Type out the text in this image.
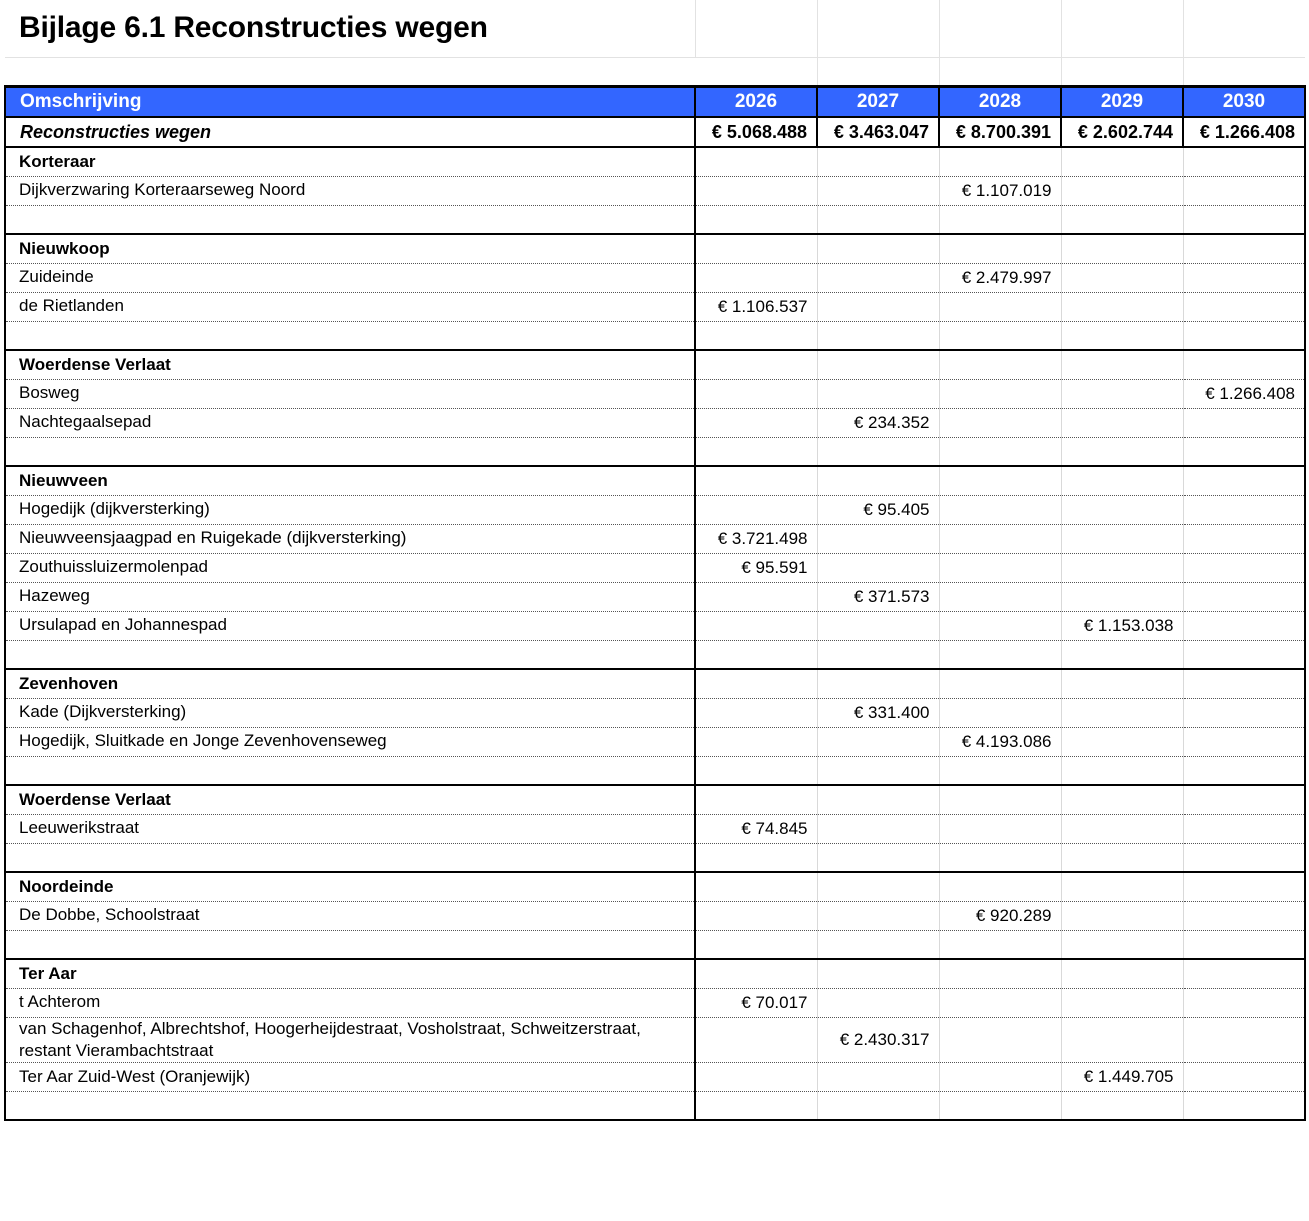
Bijlage 6.1 Reconstructies wegen					

Omschrijving	2026	2027	2028	2029	2030
Reconstructies wegen	€ 5.068.488	€ 3.463.047	€ 8.700.391	€ 2.602.744	€ 1.266.408
Korteraar					
Dijkverzwaring Korteraarseweg Noord			€ 1.107.019		

Nieuwkoop					
Zuideinde			€ 2.479.997		
de Rietlanden	€ 1.106.537				

Woerdense Verlaat					
Bosweg					€ 1.266.408
Nachtegaalsepad		€ 234.352			

Nieuwveen					
Hogedijk (dijkversterking)		€ 95.405			
Nieuwveensjaagpad en Ruigekade (dijkversterking)	€ 3.721.498				
Zouthuissluizermolenpad	€ 95.591				
Hazeweg		€ 371.573			
Ursulapad en Johannespad				€ 1.153.038	

Zevenhoven					
Kade (Dijkversterking)		€ 331.400			
Hogedijk, Sluitkade en Jonge Zevenhovenseweg			€ 4.193.086		

Woerdense Verlaat					
Leeuwerikstraat	€ 74.845				

Noordeinde					
De Dobbe, Schoolstraat			€ 920.289		

Ter Aar					
t Achterom	€ 70.017				
van Schagenhof, Albrechtshof, Hoogerheijdestraat, Vosholstraat, Schweitzerstraat, restant Vierambachtstraat		€ 2.430.317			
Ter Aar Zuid-West (Oranjewijk)				€ 1.449.705	
